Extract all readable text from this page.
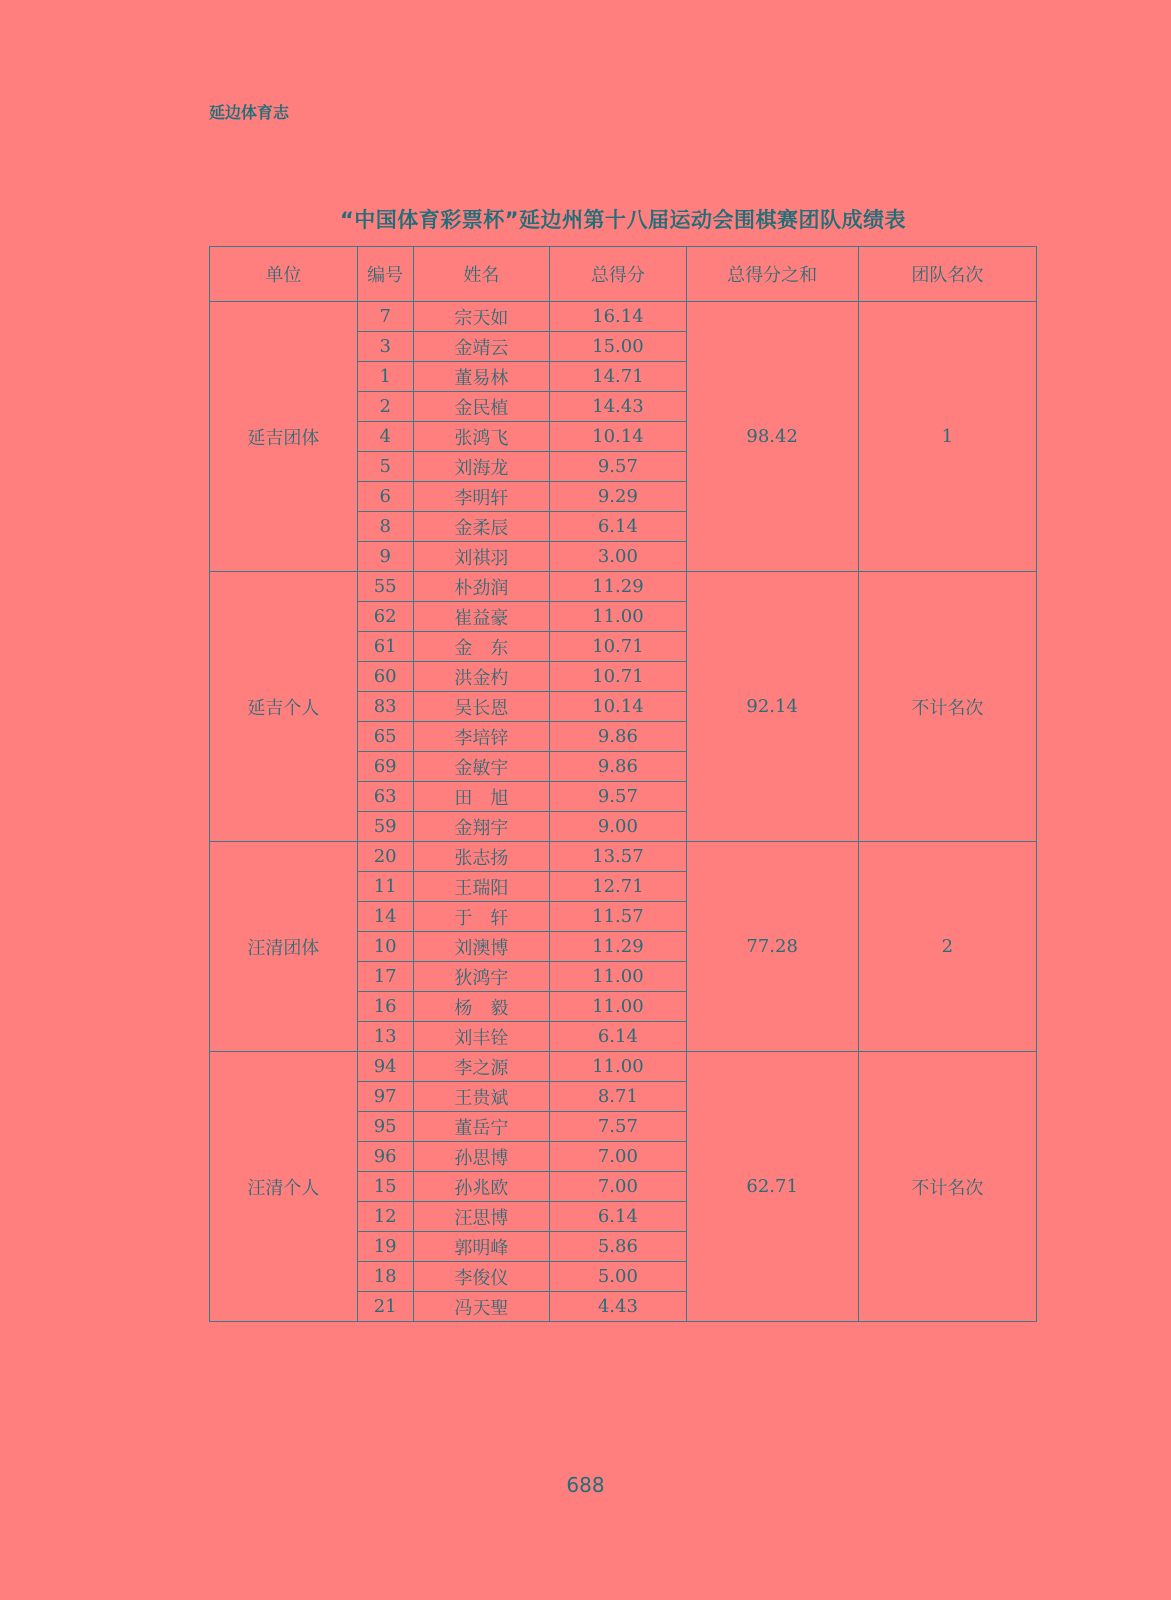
延边体育志
“中国体育彩票杯”延边州第十八届运动会围棋赛团队成绩表
单位	编号	姓名	总得分	总得分之和	团队名次
延吉团体	7	宗天如	16.14	98.42	1
	3	金靖云	15.00		
	1	董易林	14.71		
	2	金民植	14.43		
	4	张鸿飞	10.14		
	5	刘海龙	9.57		
	6	李明轩	9.29		
	8	金柔辰	6.14		
	9	刘祺羽	3.00		
延吉个人	55	朴劲润	11.29	92.14	不计名次
	62	崔益豪	11.00		
	61	金　东	10.71		
	60	洪金杓	10.71		
	83	吴长恩	10.14		
	65	李培锌	9.86		
	69	金敏宇	9.86		
	63	田　旭	9.57		
	59	金翔宇	9.00		
汪清团体	20	张志扬	13.57	77.28	2
	11	王瑞阳	12.71		
	14	于　轩	11.57		
	10	刘澳博	11.29		
	17	狄鸿宇	11.00		
	16	杨　毅	11.00		
	13	刘丰铨	6.14		
汪清个人	94	李之源	11.00	62.71	不计名次
	97	王贵斌	8.71		
	95	董岳宁	7.57		
	96	孙思博	7.00		
	15	孙兆欧	7.00		
	12	汪思博	6.14		
	19	郭明峰	5.86		
	18	李俊仪	5.00		
	21	冯天聖	4.43		
688
